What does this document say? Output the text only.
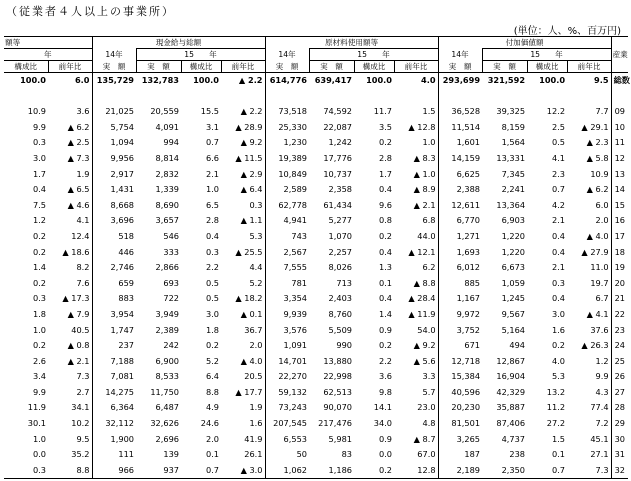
（従業者４人以上の事業所）
(単位：人、%、百万円)
額等		現金給与総額				原材料使用額等				付加価値額				産業
年		14年	15　　年			14年	15　　年			14年	15　　年			
構成比	前年比	実　額	実　額	構成比	前年比	実　額	実　額	構成比	前年比	実　額	実　額	構成比	前年比	
100.0	6.0	135,729	132,783	100.0	▲ 2.2	614,776	639,417	100.0	4.0	293,699	321,592	100.0	9.5	総数

10.9	3.6	21,025	20,559	15.5	▲ 2.2	73,518	74,592	11.7	1.5	36,528	39,325	12.2	7.7	09
9.9	▲ 6.2	5,754	4,091	3.1	▲ 28.9	25,330	22,087	3.5	▲ 12.8	11,514	8,159	2.5	▲ 29.1	10
0.3	▲ 2.5	1,094	994	0.7	▲ 9.2	1,230	1,242	0.2	1.0	1,601	1,564	0.5	▲ 2.3	11
3.0	▲ 7.3	9,956	8,814	6.6	▲ 11.5	19,389	17,776	2.8	▲ 8.3	14,159	13,331	4.1	▲ 5.8	12
1.7	1.9	2,917	2,832	2.1	▲ 2.9	10,849	10,737	1.7	▲ 1.0	6,625	7,345	2.3	10.9	13
0.4	▲ 6.5	1,431	1,339	1.0	▲ 6.4	2,589	2,358	0.4	▲ 8.9	2,388	2,241	0.7	▲ 6.2	14
7.5	▲ 4.6	8,668	8,690	6.5	0.3	62,778	61,434	9.6	▲ 2.1	12,611	13,364	4.2	6.0	15
1.2	4.1	3,696	3,657	2.8	▲ 1.1	4,941	5,277	0.8	6.8	6,770	6,903	2.1	2.0	16
0.2	12.4	518	546	0.4	5.3	743	1,070	0.2	44.0	1,271	1,220	0.4	▲ 4.0	17
0.2	▲ 18.6	446	333	0.3	▲ 25.5	2,567	2,257	0.4	▲ 12.1	1,693	1,220	0.4	▲ 27.9	18
1.4	8.2	2,746	2,866	2.2	4.4	7,555	8,026	1.3	6.2	6,012	6,673	2.1	11.0	19
0.2	7.6	659	693	0.5	5.2	781	713	0.1	▲ 8.8	885	1,059	0.3	19.7	20
0.3	▲ 17.3	883	722	0.5	▲ 18.2	3,354	2,403	0.4	▲ 28.4	1,167	1,245	0.4	6.7	21
1.8	▲ 7.9	3,954	3,949	3.0	▲ 0.1	9,939	8,760	1.4	▲ 11.9	9,972	9,567	3.0	▲ 4.1	22
1.0	40.5	1,747	2,389	1.8	36.7	3,576	5,509	0.9	54.0	3,752	5,164	1.6	37.6	23
0.2	▲ 0.8	237	242	0.2	2.0	1,091	990	0.2	▲ 9.2	671	494	0.2	▲ 26.3	24
2.6	▲ 2.1	7,188	6,900	5.2	▲ 4.0	14,701	13,880	2.2	▲ 5.6	12,718	12,867	4.0	1.2	25
3.4	7.3	7,081	8,533	6.4	20.5	22,270	22,998	3.6	3.3	15,384	16,904	5.3	9.9	26
9.9	2.7	14,275	11,750	8.8	▲ 17.7	59,132	62,513	9.8	5.7	40,596	42,329	13.2	4.3	27
11.9	34.1	6,364	6,487	4.9	1.9	73,243	90,070	14.1	23.0	20,230	35,887	11.2	77.4	28
30.1	10.2	32,112	32,626	24.6	1.6	207,545	217,476	34.0	4.8	81,501	87,406	27.2	7.2	29
1.0	9.5	1,900	2,696	2.0	41.9	6,553	5,981	0.9	▲ 8.7	3,265	4,737	1.5	45.1	30
0.0	35.2	111	139	0.1	26.1	50	83	0.0	67.0	187	238	0.1	27.1	31
0.3	8.8	966	937	0.7	▲ 3.0	1,062	1,186	0.2	12.8	2,189	2,350	0.7	7.3	32
